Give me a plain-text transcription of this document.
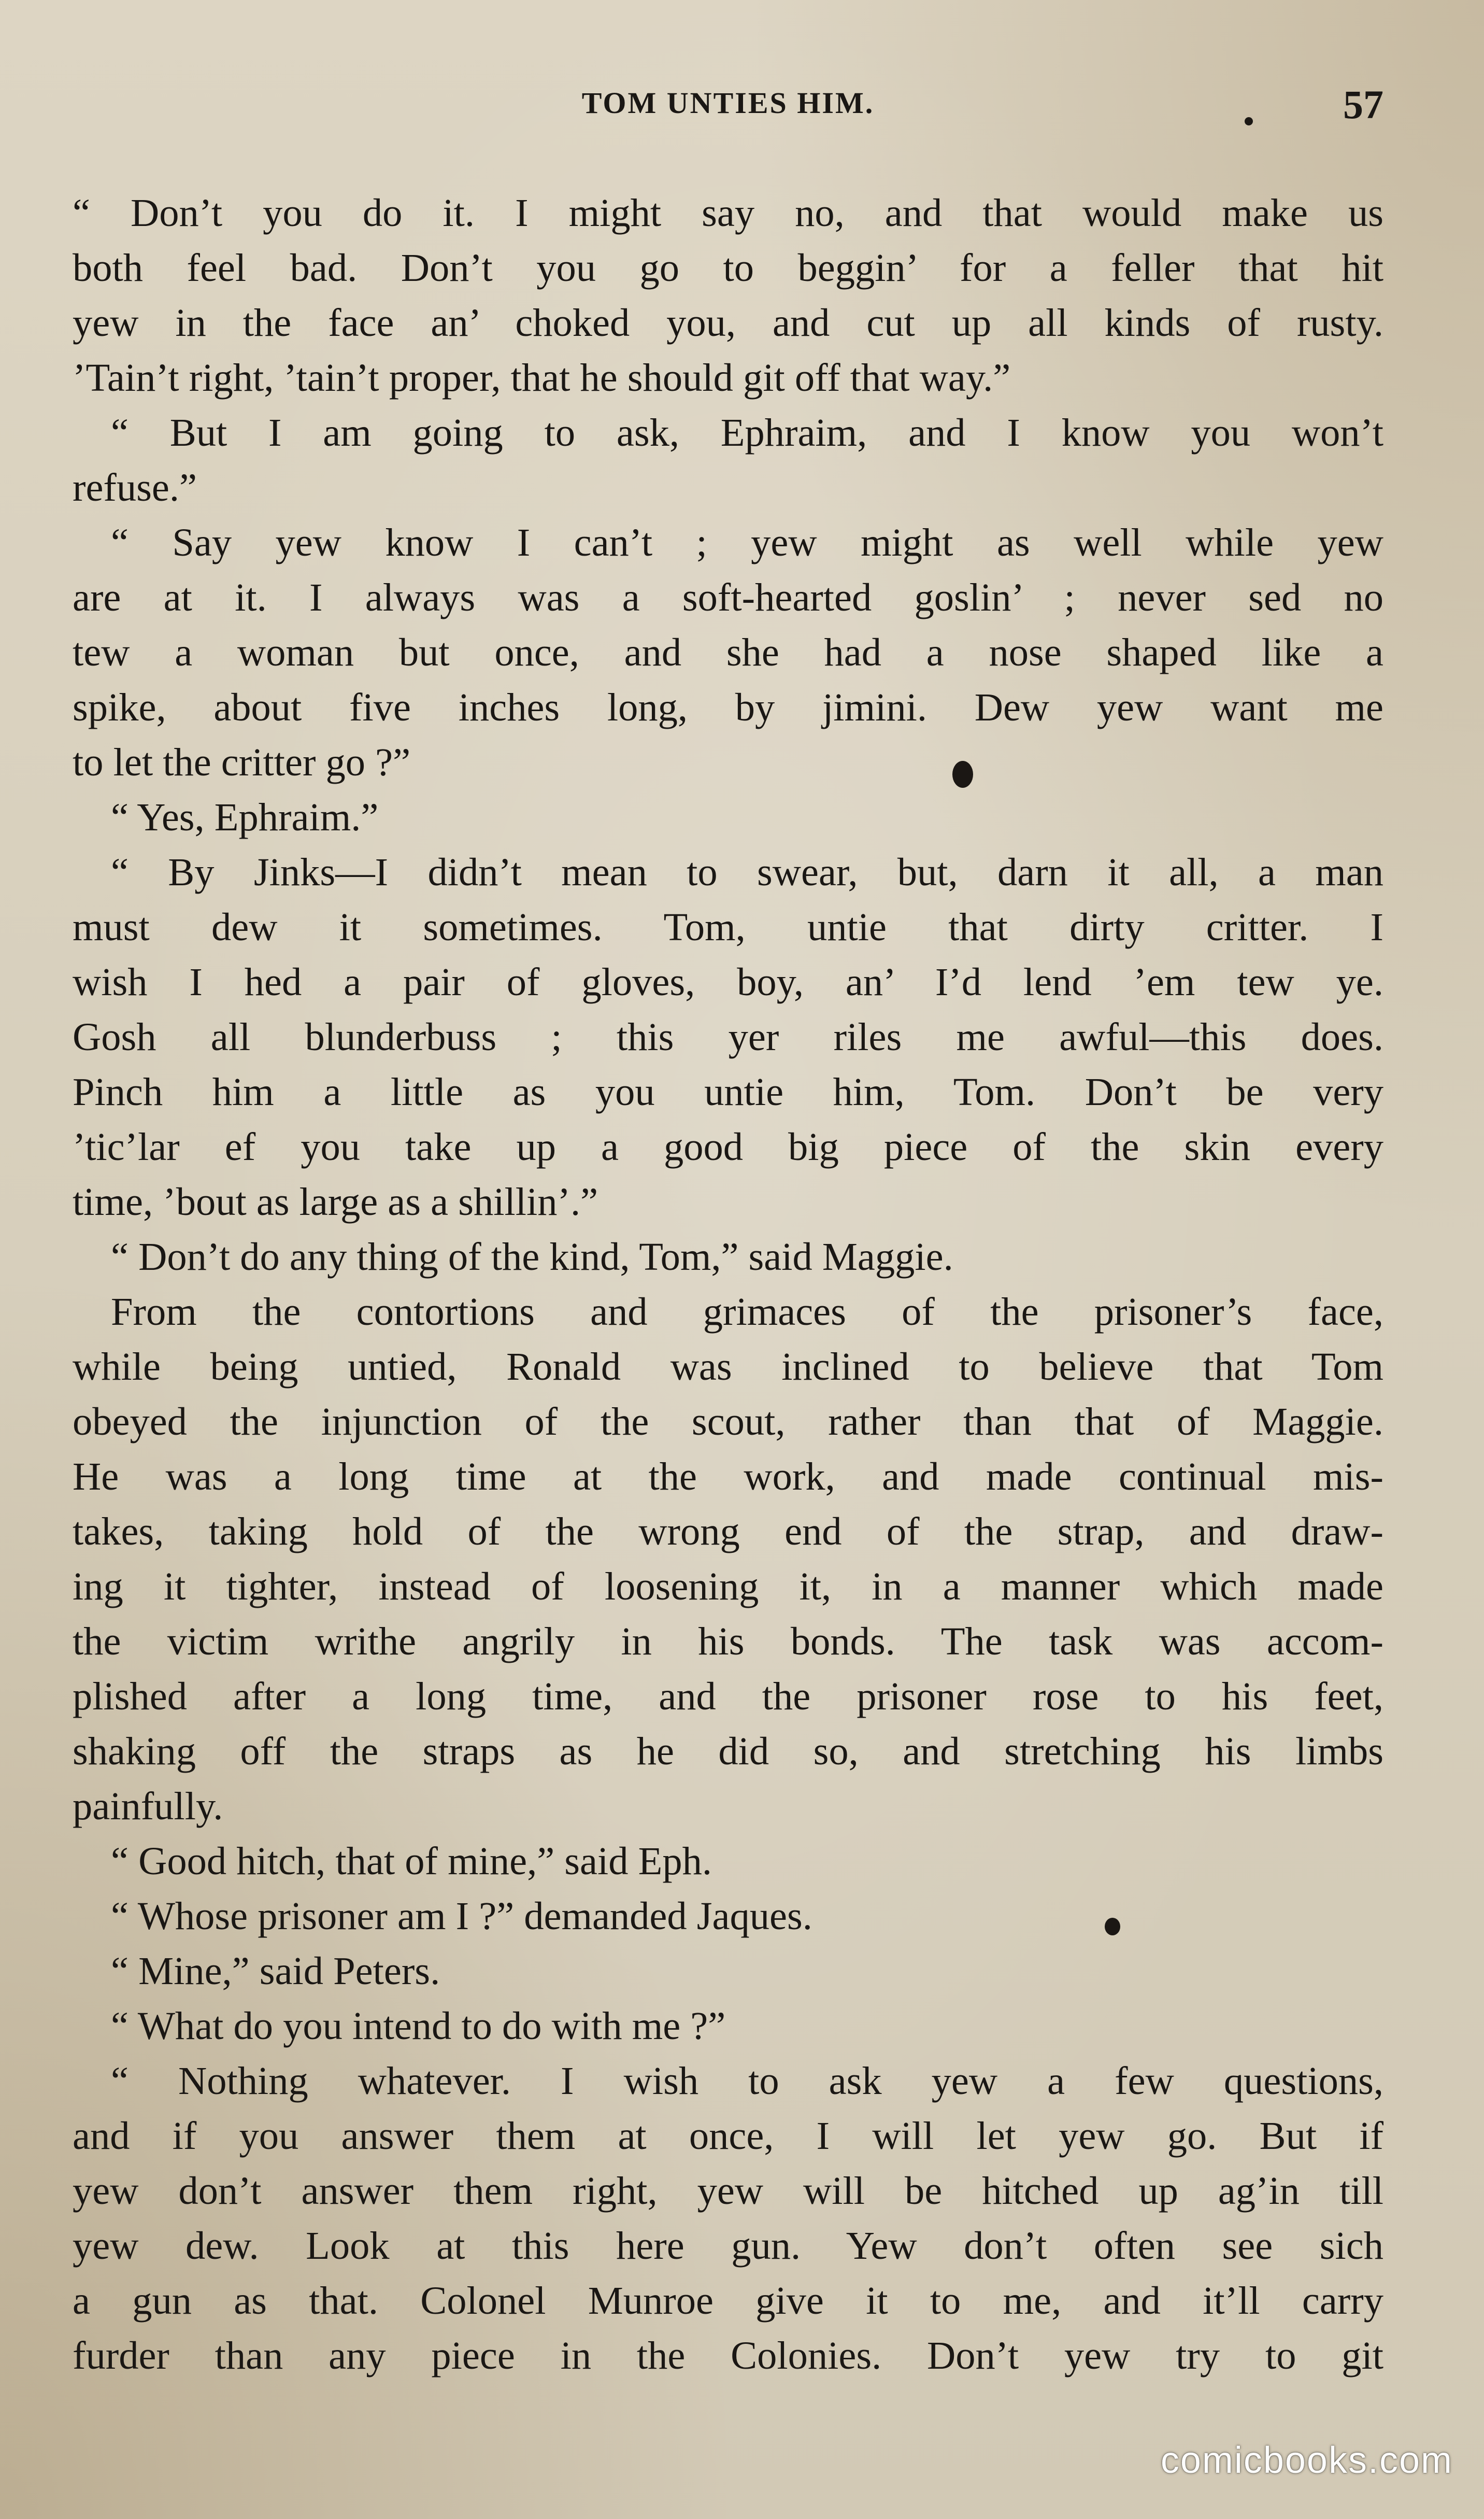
TOM UNTIES HIM.	57
“ Don’t you do it. I might say no, and that would make us
both feel bad. Don’t you go to beggin’ for a feller that hit
yew in the face an’ choked you, and cut up all kinds of rusty.
’Tain’t right, ’tain’t proper, that he should git off that way.”
“ But I am going to ask, Ephraim, and I know you won’t
refuse.”
“ Say yew know I can’t ; yew might as well while yew
are at it. I always was a soft-hearted goslin’ ; never sed no
tew a woman but once, and she had a nose shaped like a
spike, about five inches long, by jimini. Dew yew want me
to let the critter go ?”
“ Yes, Ephraim.”
“ By Jinks—I didn’t mean to swear, but, darn it all, a man
must dew it sometimes. Tom, untie that dirty critter. I
wish I hed a pair of gloves, boy, an’ I’d lend ’em tew ye.
Gosh all blunderbuss ; this yer riles me awful—this does.
Pinch him a little as you untie him, Tom. Don’t be very
’tic’lar ef you take up a good big piece of the skin every
time, ’bout as large as a shillin’.”
“ Don’t do any thing of the kind, Tom,” said Maggie.
From the contortions and grimaces of the prisoner’s face,
while being untied, Ronald was inclined to believe that Tom
obeyed the injunction of the scout, rather than that of Maggie.
He was a long time at the work, and made continual mis-
takes, taking hold of the wrong end of the strap, and draw-
ing it tighter, instead of loosening it, in a manner which made
the victim writhe angrily in his bonds. The task was accom-
plished after a long time, and the prisoner rose to his feet,
shaking off the straps as he did so, and stretching his limbs
painfully.
“ Good hitch, that of mine,” said Eph.
“ Whose prisoner am I ?” demanded Jaques.
“ Mine,” said Peters.
“ What do you intend to do with me ?”
“ Nothing whatever. I wish to ask yew a few questions,
and if you answer them at once, I will let yew go. But if
yew don’t answer them right, yew will be hitched up ag’in till
yew dew. Look at this here gun. Yew don’t often see sich
a gun as that. Colonel Munroe give it to me, and it’ll carry
furder than any piece in the Colonies. Don’t yew try to git
comicbooks.com
